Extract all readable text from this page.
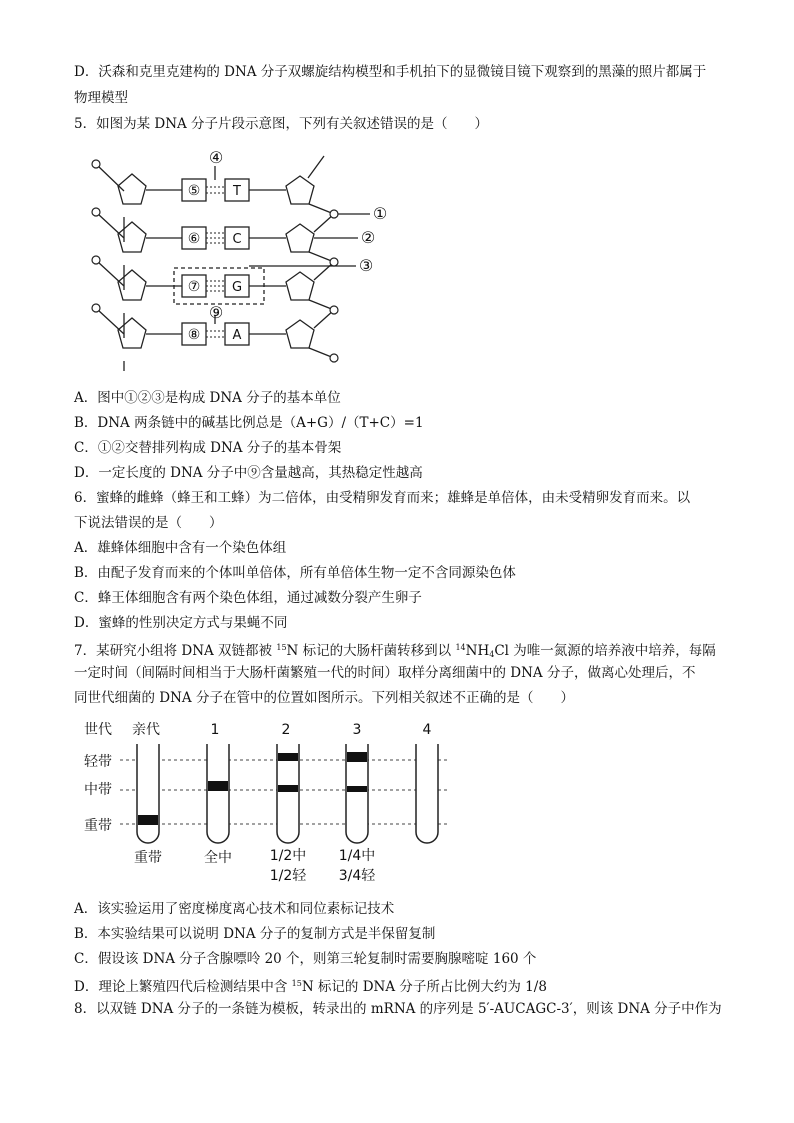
D．沃森和克里克建构的 DNA 分子双螺旋结构模型和手机拍下的显微镜目镜下观察到的黑藻的照片都属于
物理模型
5．如图为某 DNA 分子片段示意图，下列有关叙述错误的是（　　）
⑤
⑥
⑦
⑧
T
C
G
A
④
⑨
①
②
③
A．图中①②③是构成 DNA 分子的基本单位
B．DNA 两条链中的碱基比例总是（A+G）/（T+C）=1
C．①②交替排列构成 DNA 分子的基本骨架
D．一定长度的 DNA 分子中⑨含量越高，其热稳定性越高
6．蜜蜂的雌蜂（蜂王和工蜂）为二倍体，由受精卵发育而来；雄蜂是单倍体，由未受精卵发育而来。以
下说法错误的是（　　）
A．雄蜂体细胞中含有一个染色体组
B．由配子发育而来的个体叫单倍体，所有单倍体生物一定不含同源染色体
C．蜂王体细胞含有两个染色体组，通过减数分裂产生卵子
D．蜜蜂的性别决定方式与果蝇不同
7．某研究小组将 DNA 双链都被 $^{15}$N 标记的大肠杆菌转移到以 $^{14}NH_4Cl$ 为唯一氮源的培养液中培养，每隔
一定时间（间隔时间相当于大肠杆菌繁殖一代的时间）取样分离细菌中的 DNA 分子，做离心处理后，不
同世代细菌的 DNA 分子在管中的位置如图所示。下列相关叙述不正确的是（　　）
世代 亲代	1	2	3	4
轻带
中带
重带
重带	全中	1/2中
1/2轻
1/4中
3/4轻
A．该实验运用了密度梯度离心技术和同位素标记技术
B．本实验结果可以说明 DNA 分子的复制方式是半保留复制
C．假设该 DNA 分子含腺嘌呤 20 个，则第三轮复制时需要胸腺嘧啶 160 个
D．理论上繁殖四代后检测结果中含 $^{15}$N 标记的 DNA 分子所占比例大约为 1/8
8．以双链 DNA 分子的一条链为模板，转录出的 mRNA 的序列是 5′-AUCAGC-3′，则该 DNA 分子中作为
